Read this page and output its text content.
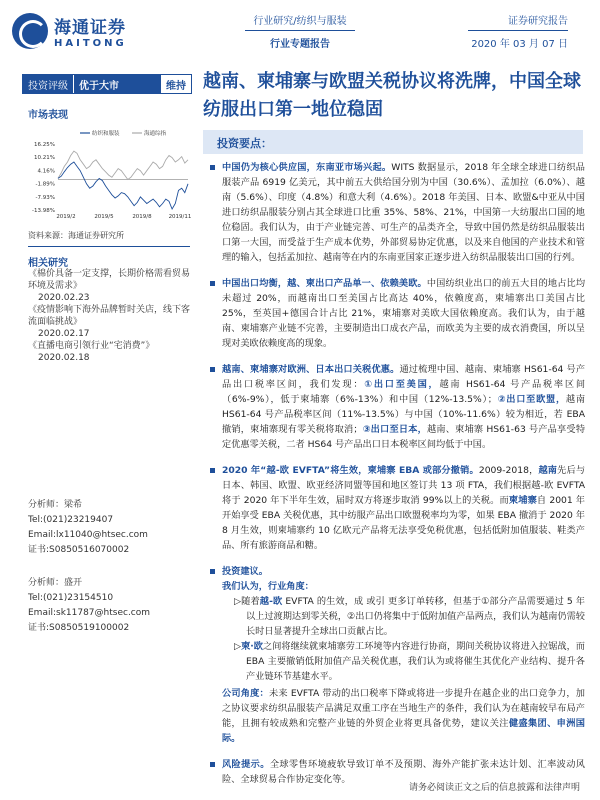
海通证券
HAITONG
行业研究/纺织与服装
行业专题报告
证券研究报告
2020 年 03 月 07 日
投资评级	优于大市	维持 越南、柬埔寨与欧盟关税协议将洗牌，中国全球纺服出口第一地位稳固
市场表现
16.25%
10.21%
4.16%
-1.89%
-7.93%
-13.98%
2019/2	2019/5	2019/8	2019/11
纺织和服装	海通综指
资料来源：海通证券研究所
相关研究
《棉价具备一定支撑，长期价格需看贸易环境及需求》
2020.02.23
《疫情影响下海外品牌暂时关店，线下客流面临挑战》
2020.02.17
《直播电商引领行业“宅消费”》
2020.02.18
分析师：梁希
Tel:(021)23219407
Email:lx11040@htsec.com
证书:S0850516070002
分析师：盛开
Tel:(021)23154510
Email:sk11787@htsec.com
证书:S0850519100002
投资要点：
中国仍为核心供应国，东南亚市场兴起。WITS 数据显示，2018 年全球全球进口纺织品服装产品 6919 亿美元，其中前五大供给国分别为中国（30.6%）、孟加拉（6.0%）、越南（5.6%）、印度（4.8%）和意大利（4.6%）。2018 年美国、日本、欧盟&中亚从中国进口纺织品服装分别占其全球进口比重 35%、58%、21%，中国第一大纺服出口国的地位稳固。我们认为，由于产业链完善、可生产的品类齐全，导致中国仍然是纺织品服装出口第一大国，而受益于生产成本优势，外部贸易协定优惠，以及来自他国的产业技术和管理的输入，包括孟加拉、越南等在内的东南亚国家正逐步进入纺织品服装出口国的行列。
中国出口均衡，越、柬出口产品单一、依赖美欧。中国纺织业出口的前五大目的地占比均未超过 20%，而越南出口至美国占比高达 40%，依赖度高，柬埔寨出口美国占比 25%，至英国+德国合计占比 21%，柬埔寨对美欧大国依赖度高。我们认为，由于越南、柬埔寨产业链不完善，主要制造出口成衣产品，而欧美为主要的成衣消费国，所以呈现对美欧依赖度高的现象。
越南、柬埔寨对欧洲、日本出口关税优惠。通过梳理中国、越南、柬埔寨 HS61-64 号产品出口税率区间，我们发现：①出口至美国，越南 HS61-64 号产品税率区间（6%-9%），低于柬埔寨（6%-13%）和中国（12%-13.5%）；②出口至欧盟，越南 HS61-64 号产品税率区间（11%-13.5%）与中国（10%-11.6%）较为相近，若 EBA 撤销，柬埔寨现有零关税将取消；③出口至日本，越南、柬埔寨 HS61-63 号产品享受特定优惠零关税，二者 HS64 号产品出口日本税率区间均低于中国。
2020 年“越-欧 EVFTA”将生效，柬埔寨 EBA 或部分撤销。2009-2018，越南先后与日本、韩国、欧盟、欧亚经济同盟等国和地区签订共 13 项 FTA，我们根据越-欧 EVFTA 将于 2020 年下半年生效，届时双方将逐步取消 99%以上的关税。而柬埔寨自 2001 年开始享受 EBA 关税优惠，其中纺服产品出口欧盟税率均为零，如果 EBA 撤消于 2020 年 8 月生效，则柬埔寨约 10 亿欧元产品将无法享受免税优惠，包括低附加值服装、鞋类产品、所有旅游商品和糖。
投资建议。
我们认为，行业角度：
▷随着越-欧 EVFTA 的生效，成 或引 更多订单转移，但基于①部分产品需要通过 5 年以上过渡期达到零关税，②出口仍将集中于低附加值产品两点，我们认为越南仍需较长时日显著提升全球出口贡献占比。
▷柬·欧之间将继续就柬埔寨劳工环境等内容进行协商，期间关税协议将进入拉锯战，而 EBA 主要撤销低附加值产品关税优惠，我们认为或将催生其优化产业结构、提升各产业链环节基建水平。
公司角度：未来 EVFTA 带动的出口税率下降或将进一步提升在越企业的出口竞争力，加之协议要求纺织品服装产品满足双重工序在当地生产的条件，我们认为在越南较早布局产能，且拥有较成熟和完整产业链的外贸企业将更具备优势，建议关注健盛集团、申洲国际。
风险提示。全球零售环境疲软导致订单不及预期、海外产能扩张未达计划、汇率波动风险、全球贸易合作协定变化等。
请务必阅读正文之后的信息披露和法律声明
